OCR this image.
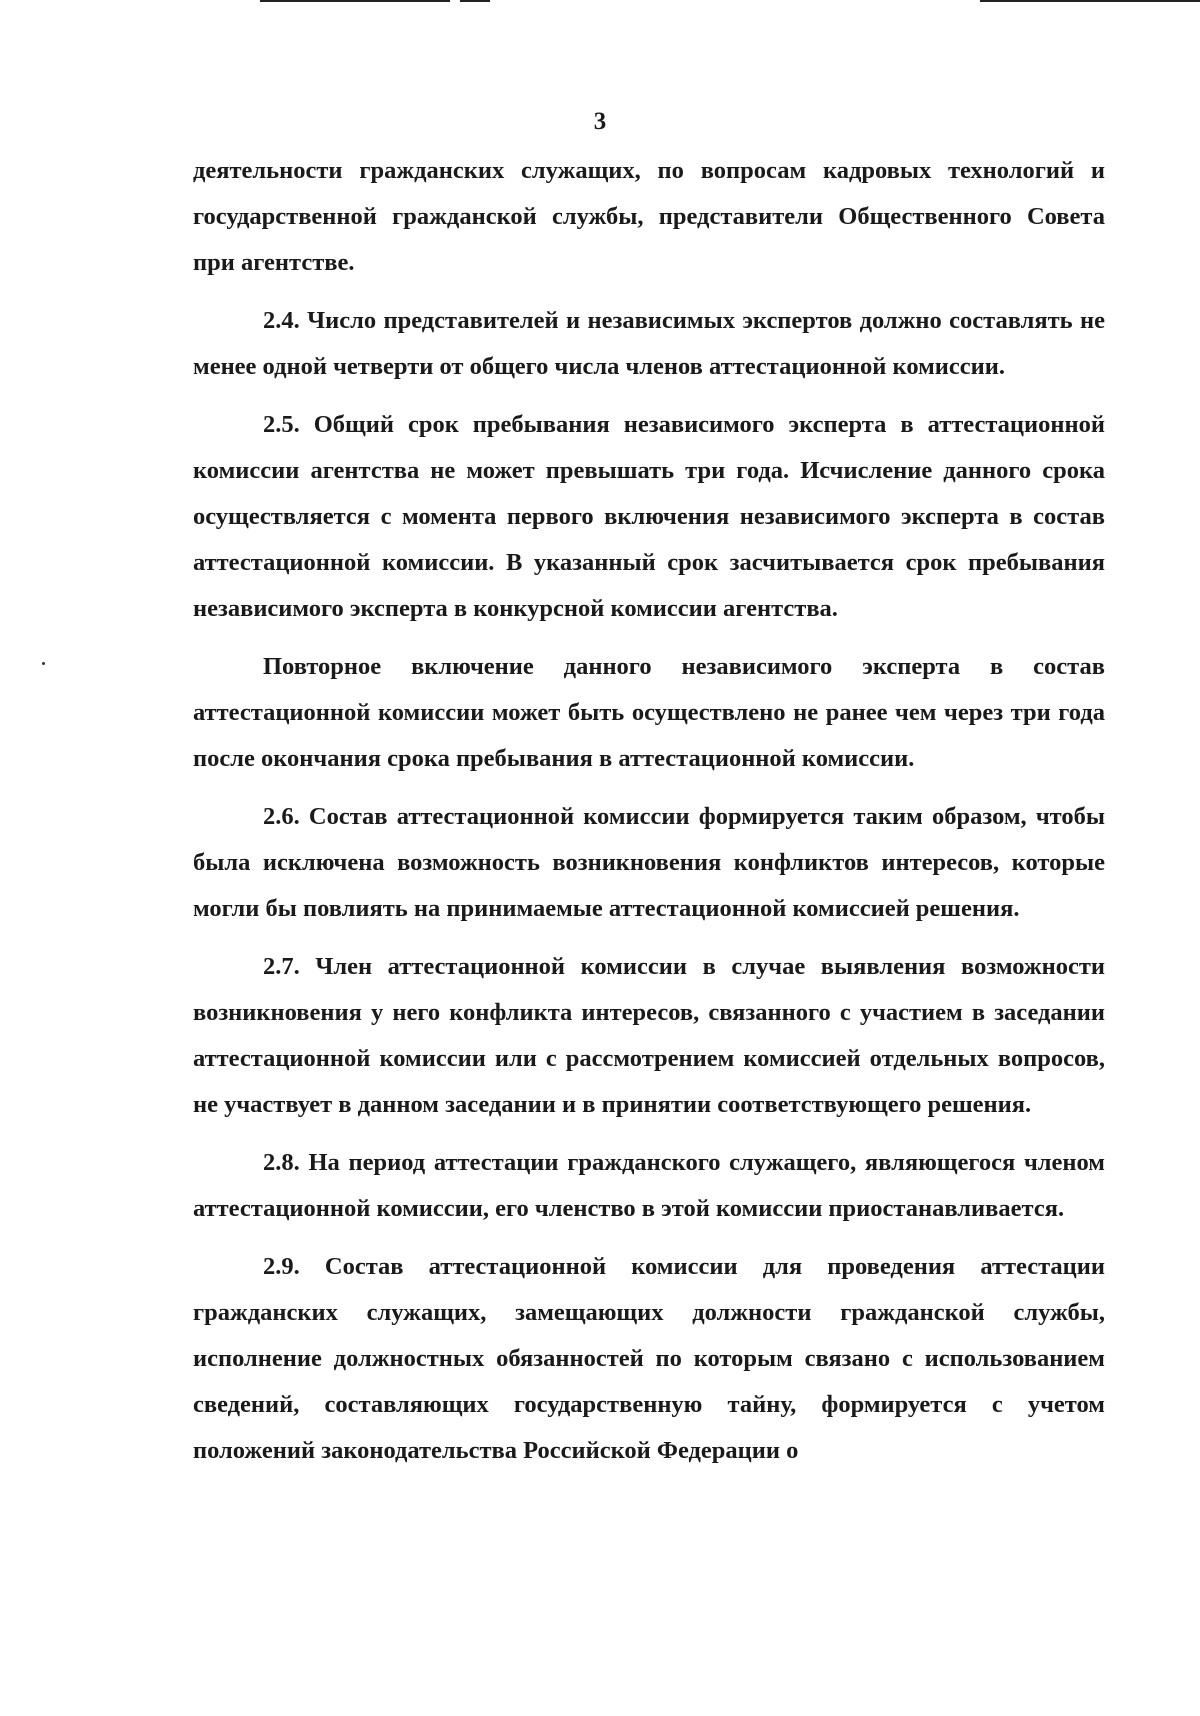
3

деятельности гражданских служащих, по вопросам кадровых технологий и государственной гражданской службы, представители Общественного Совета при агентстве.

2.4. Число представителей и независимых экспертов должно составлять не менее одной четверти от общего числа членов аттестационной комиссии.

2.5. Общий срок пребывания независимого эксперта в аттестационной комиссии агентства не может превышать три года. Исчисление данного срока осуществляется с момента первого включения независимого эксперта в состав аттестационной комиссии. В указанный срок засчитывается срок пребывания независимого эксперта в конкурсной комиссии агентства.

Повторное включение данного независимого эксперта в состав аттестационной комиссии может быть осуществлено не ранее чем через три года после окончания срока пребывания в аттестационной комиссии.

2.6. Состав аттестационной комиссии формируется таким образом, чтобы была исключена возможность возникновения конфликтов интересов, которые могли бы повлиять на принимаемые аттестационной комиссией решения.

2.7. Член аттестационной комиссии в случае выявления возможности возникновения у него конфликта интересов, связанного с участием в заседании аттестационной комиссии или с рассмотрением комиссией отдельных вопросов, не участвует в данном заседании и в принятии соответствующего решения.

2.8. На период аттестации гражданского служащего, являющегося членом аттестационной комиссии, его членство в этой комиссии приостанавливается.

2.9. Состав аттестационной комиссии для проведения аттестации гражданских служащих, замещающих должности гражданской службы, исполнение должностных обязанностей по которым связано с использованием сведений, составляющих государственную тайну, формируется с учетом положений законодательства Российской Федерации о
